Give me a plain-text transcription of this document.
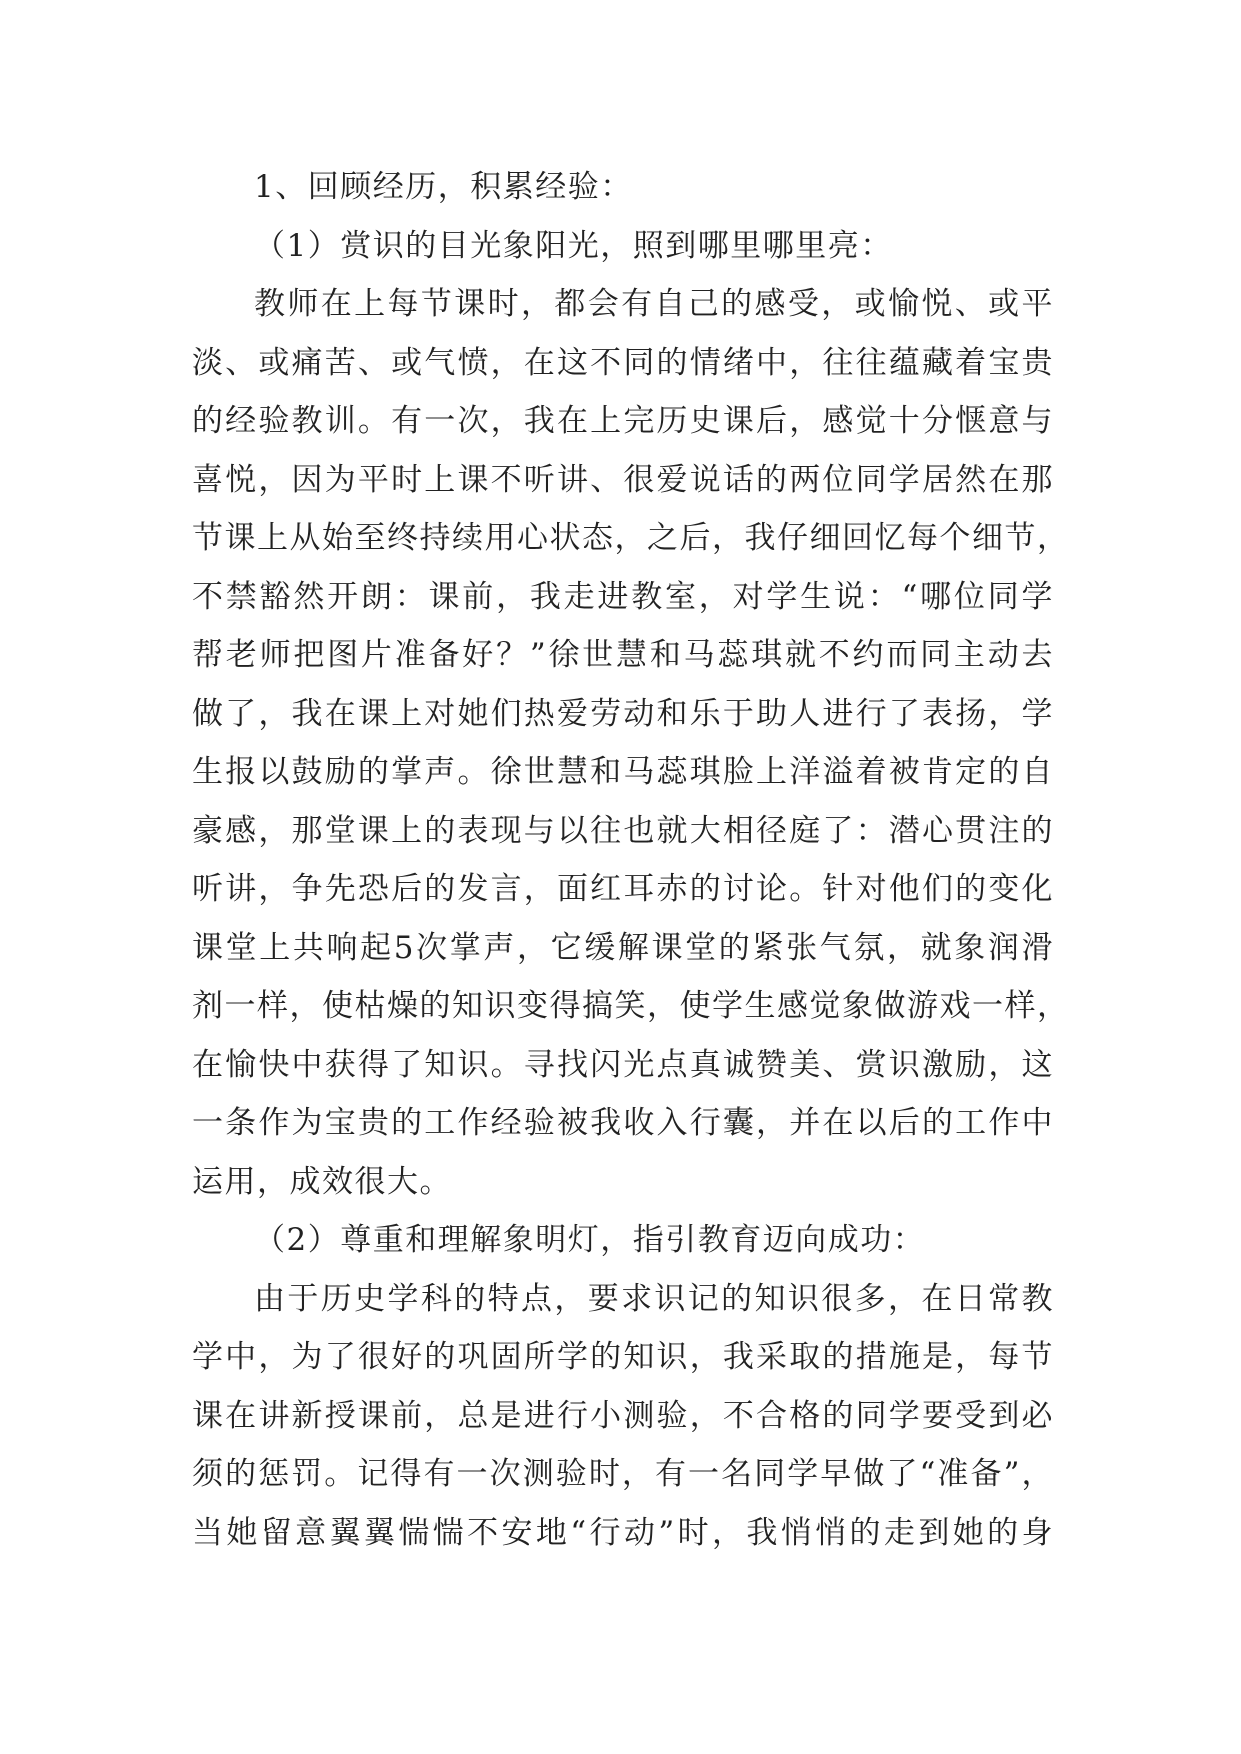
1、回顾经历，积累经验：
（1）赏识的目光象阳光，照到哪里哪里亮：
教师在上每节课时，都会有自己的感受，或愉悦、或平
淡、或痛苦、或气愤，在这不同的情绪中，往往蕴藏着宝贵
的经验教训。有一次，我在上完历史课后，感觉十分惬意与
喜悦，因为平时上课不听讲、很爱说话的两位同学居然在那
节课上从始至终持续用心状态，之后，我仔细回忆每个细节，
不禁豁然开朗：课前，我走进教室，对学生说：“哪位同学
帮老师把图片准备好？”徐世慧和马蕊琪就不约而同主动去
做了，我在课上对她们热爱劳动和乐于助人进行了表扬，学
生报以鼓励的掌声。徐世慧和马蕊琪脸上洋溢着被肯定的自
豪感，那堂课上的表现与以往也就大相径庭了：潜心贯注的
听讲，争先恐后的发言，面红耳赤的讨论。针对他们的变化
课堂上共响起5次掌声，它缓解课堂的紧张气氛，就象润滑
剂一样，使枯燥的知识变得搞笑，使学生感觉象做游戏一样，
在愉快中获得了知识。寻找闪光点真诚赞美、赏识激励，这
一条作为宝贵的工作经验被我收入行囊，并在以后的工作中
运用，成效很大。
（2）尊重和理解象明灯，指引教育迈向成功：
由于历史学科的特点，要求识记的知识很多，在日常教
学中，为了很好的巩固所学的知识，我采取的措施是，每节
课在讲新授课前，总是进行小测验，不合格的同学要受到必
须的惩罚。记得有一次测验时，有一名同学早做了“准备”，
当她留意翼翼惴惴不安地“行动”时，我悄悄的走到她的身
